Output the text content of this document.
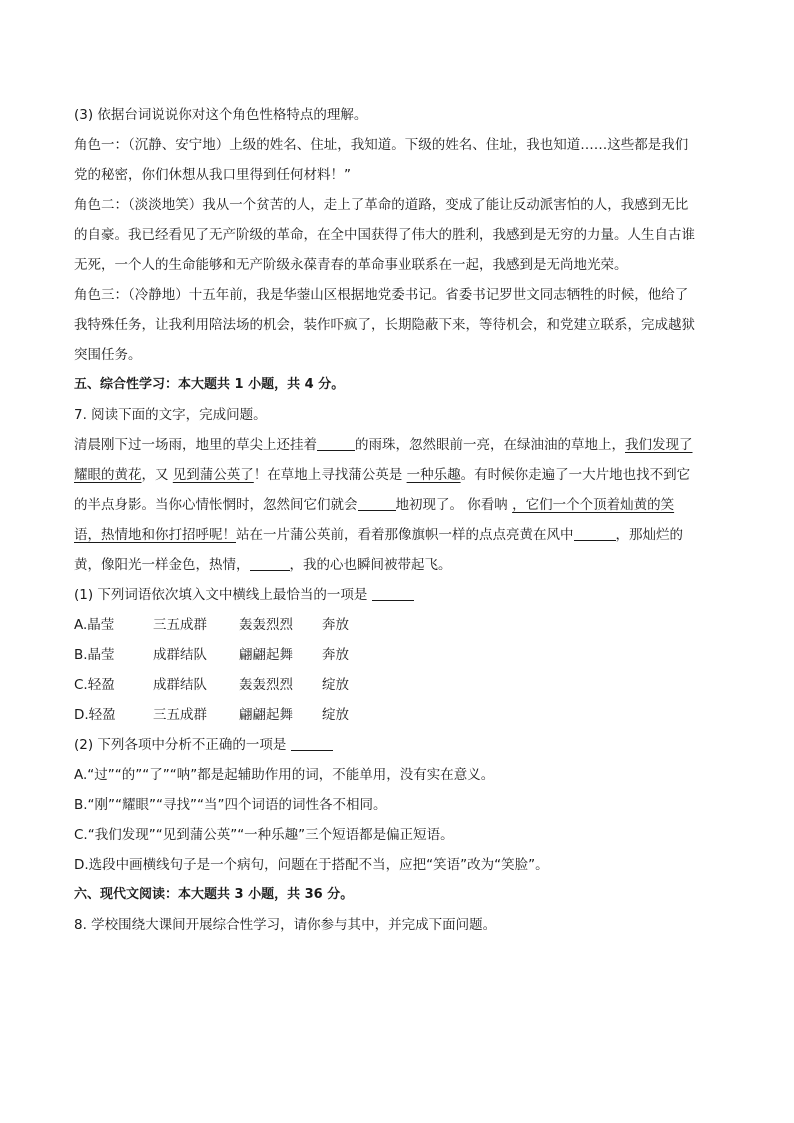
(3) 依据台词说说你对这个角色性格特点的理解。
角色一：（沉静、安宁地）上级的姓名、住址，我知道。下级的姓名、住址，我也知道……这些都是我们
党的秘密，你们休想从我口里得到任何材料！”
角色二：（淡淡地笑）我从一个贫苦的人，走上了革命的道路，变成了能让反动派害怕的人，我感到无比
的自豪。我已经看见了无产阶级的革命，在全中国获得了伟大的胜利，我感到是无穷的力量。人生自古谁
无死，一个人的生命能够和无产阶级永葆青春的革命事业联系在一起，我感到是无尚地光荣。
角色三：（冷静地）十五年前，我是华蓥山区根据地党委书记。省委书记罗世文同志牺牲的时候，他给了
我特殊任务，让我利用陪法场的机会，装作吓疯了，长期隐蔽下来，等待机会，和党建立联系，完成越狱
突围任务。
五、综合性学习：本大题共 1 小题，共 4 分。
7. 阅读下面的文字，完成问题。
清晨刚下过一场雨，地里的草尖上还挂着	的雨珠，忽然眼前一亮，在绿油油的草地上，我们发现了
耀眼的黄花，又 见到蒲公英了！在草地上寻找蒲公英是 一种乐趣。有时候你走遍了一大片地也找不到它
的半点身影。当你心情怅惘时，忽然间它们就会	地初现了。 你看呐 ，它们一个个顶着灿黄的笑
语，热情地和你打招呼呢！站在一片蒲公英前，看着那像旗帜一样的点点亮黄在风中	，那灿烂的
黄，像阳光一样金色，热情，	，我的心也瞬间被带起飞。
(1) 下列词语依次填入文中横线上最恰当的一项是
A.晶莹	三五成群	轰轰烈烈	奔放
B.晶莹	成群结队	翩翩起舞	奔放
C.轻盈	成群结队	轰轰烈烈	绽放
D.轻盈	三五成群	翩翩起舞	绽放
(2) 下列各项中分析不正确的一项是
A.“过”“的”“了”“呐”都是起辅助作用的词，不能单用，没有实在意义。
B.“刚”“耀眼”“寻找”“当”四个词语的词性各不相同。
C.“我们发现”“见到蒲公英”“一种乐趣”三个短语都是偏正短语。
D.选段中画横线句子是一个病句，问题在于搭配不当，应把“笑语”改为“笑脸”。
六、现代文阅读：本大题共 3 小题，共 36 分。
8. 学校围绕大课间开展综合性学习，请你参与其中，并完成下面问题。
